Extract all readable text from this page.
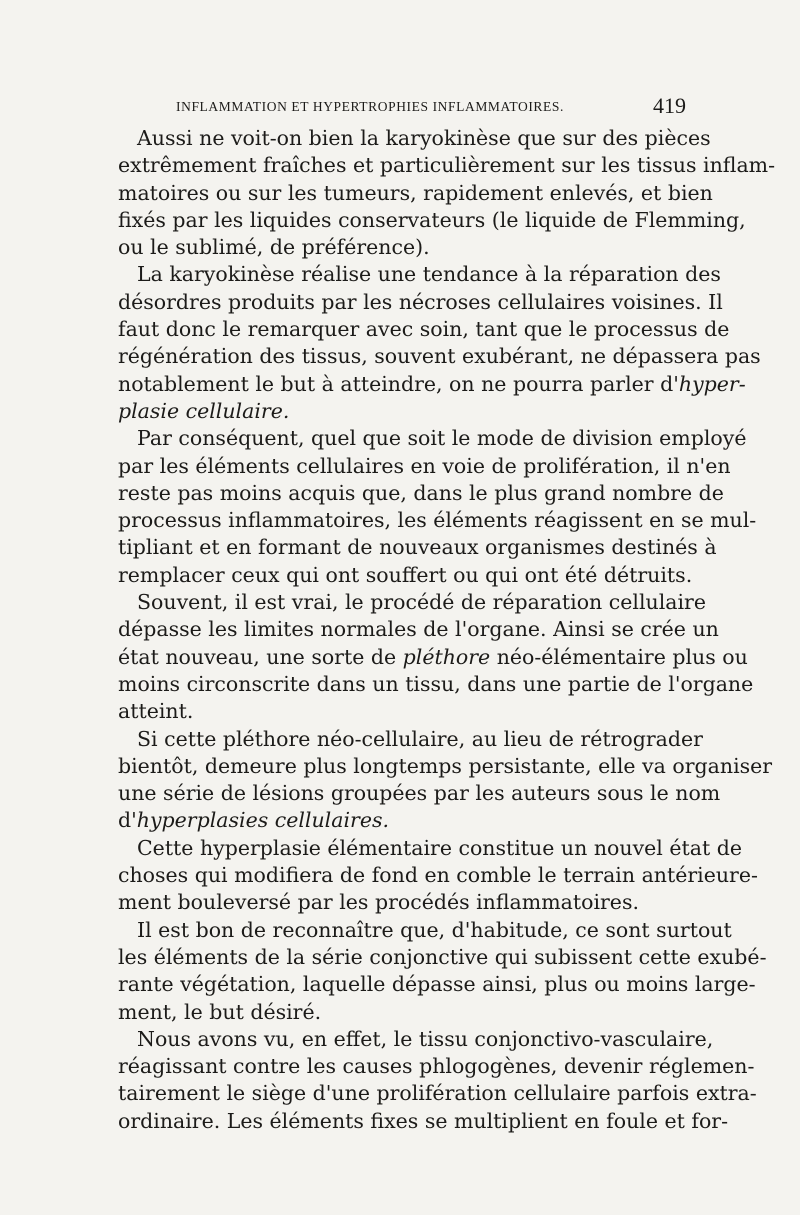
INFLAMMATION ET HYPERTROPHIES INFLAMMATOIRES.	419
Aussi ne voit-on bien la karyokinèse que sur des pièces
extrêmement fraîches et particulièrement sur les tissus inflam-
matoires ou sur les tumeurs, rapidement enlevés, et bien
fixés par les liquides conservateurs (le liquide de Flemming,
ou le sublimé, de préférence).
La karyokinèse réalise une tendance à la réparation des
désordres produits par les nécroses cellulaires voisines. Il
faut donc le remarquer avec soin, tant que le processus de
régénération des tissus, souvent exubérant, ne dépassera pas
notablement le but à atteindre, on ne pourra parler d'hyper-
plasie cellulaire.
Par conséquent, quel que soit le mode de division employé
par les éléments cellulaires en voie de prolifération, il n'en
reste pas moins acquis que, dans le plus grand nombre de
processus inflammatoires, les éléments réagissent en se mul-
tipliant et en formant de nouveaux organismes destinés à
remplacer ceux qui ont souffert ou qui ont été détruits.
Souvent, il est vrai, le procédé de réparation cellulaire
dépasse les limites normales de l'organe. Ainsi se crée un
état nouveau, une sorte de pléthore néo-élémentaire plus ou
moins circonscrite dans un tissu, dans une partie de l'organe
atteint.
Si cette pléthore néo-cellulaire, au lieu de rétrograder
bientôt, demeure plus longtemps persistante, elle va organiser
une série de lésions groupées par les auteurs sous le nom
d'hyperplasies cellulaires.
Cette hyperplasie élémentaire constitue un nouvel état de
choses qui modifiera de fond en comble le terrain antérieure-
ment bouleversé par les procédés inflammatoires.
Il est bon de reconnaître que, d'habitude, ce sont surtout
les éléments de la série conjonctive qui subissent cette exubé-
rante végétation, laquelle dépasse ainsi, plus ou moins large-
ment, le but désiré.
Nous avons vu, en effet, le tissu conjonctivo-vasculaire,
réagissant contre les causes phlogogènes, devenir réglemen-
tairement le siège d'une prolifération cellulaire parfois extra-
ordinaire. Les éléments fixes se multiplient en foule et for-
